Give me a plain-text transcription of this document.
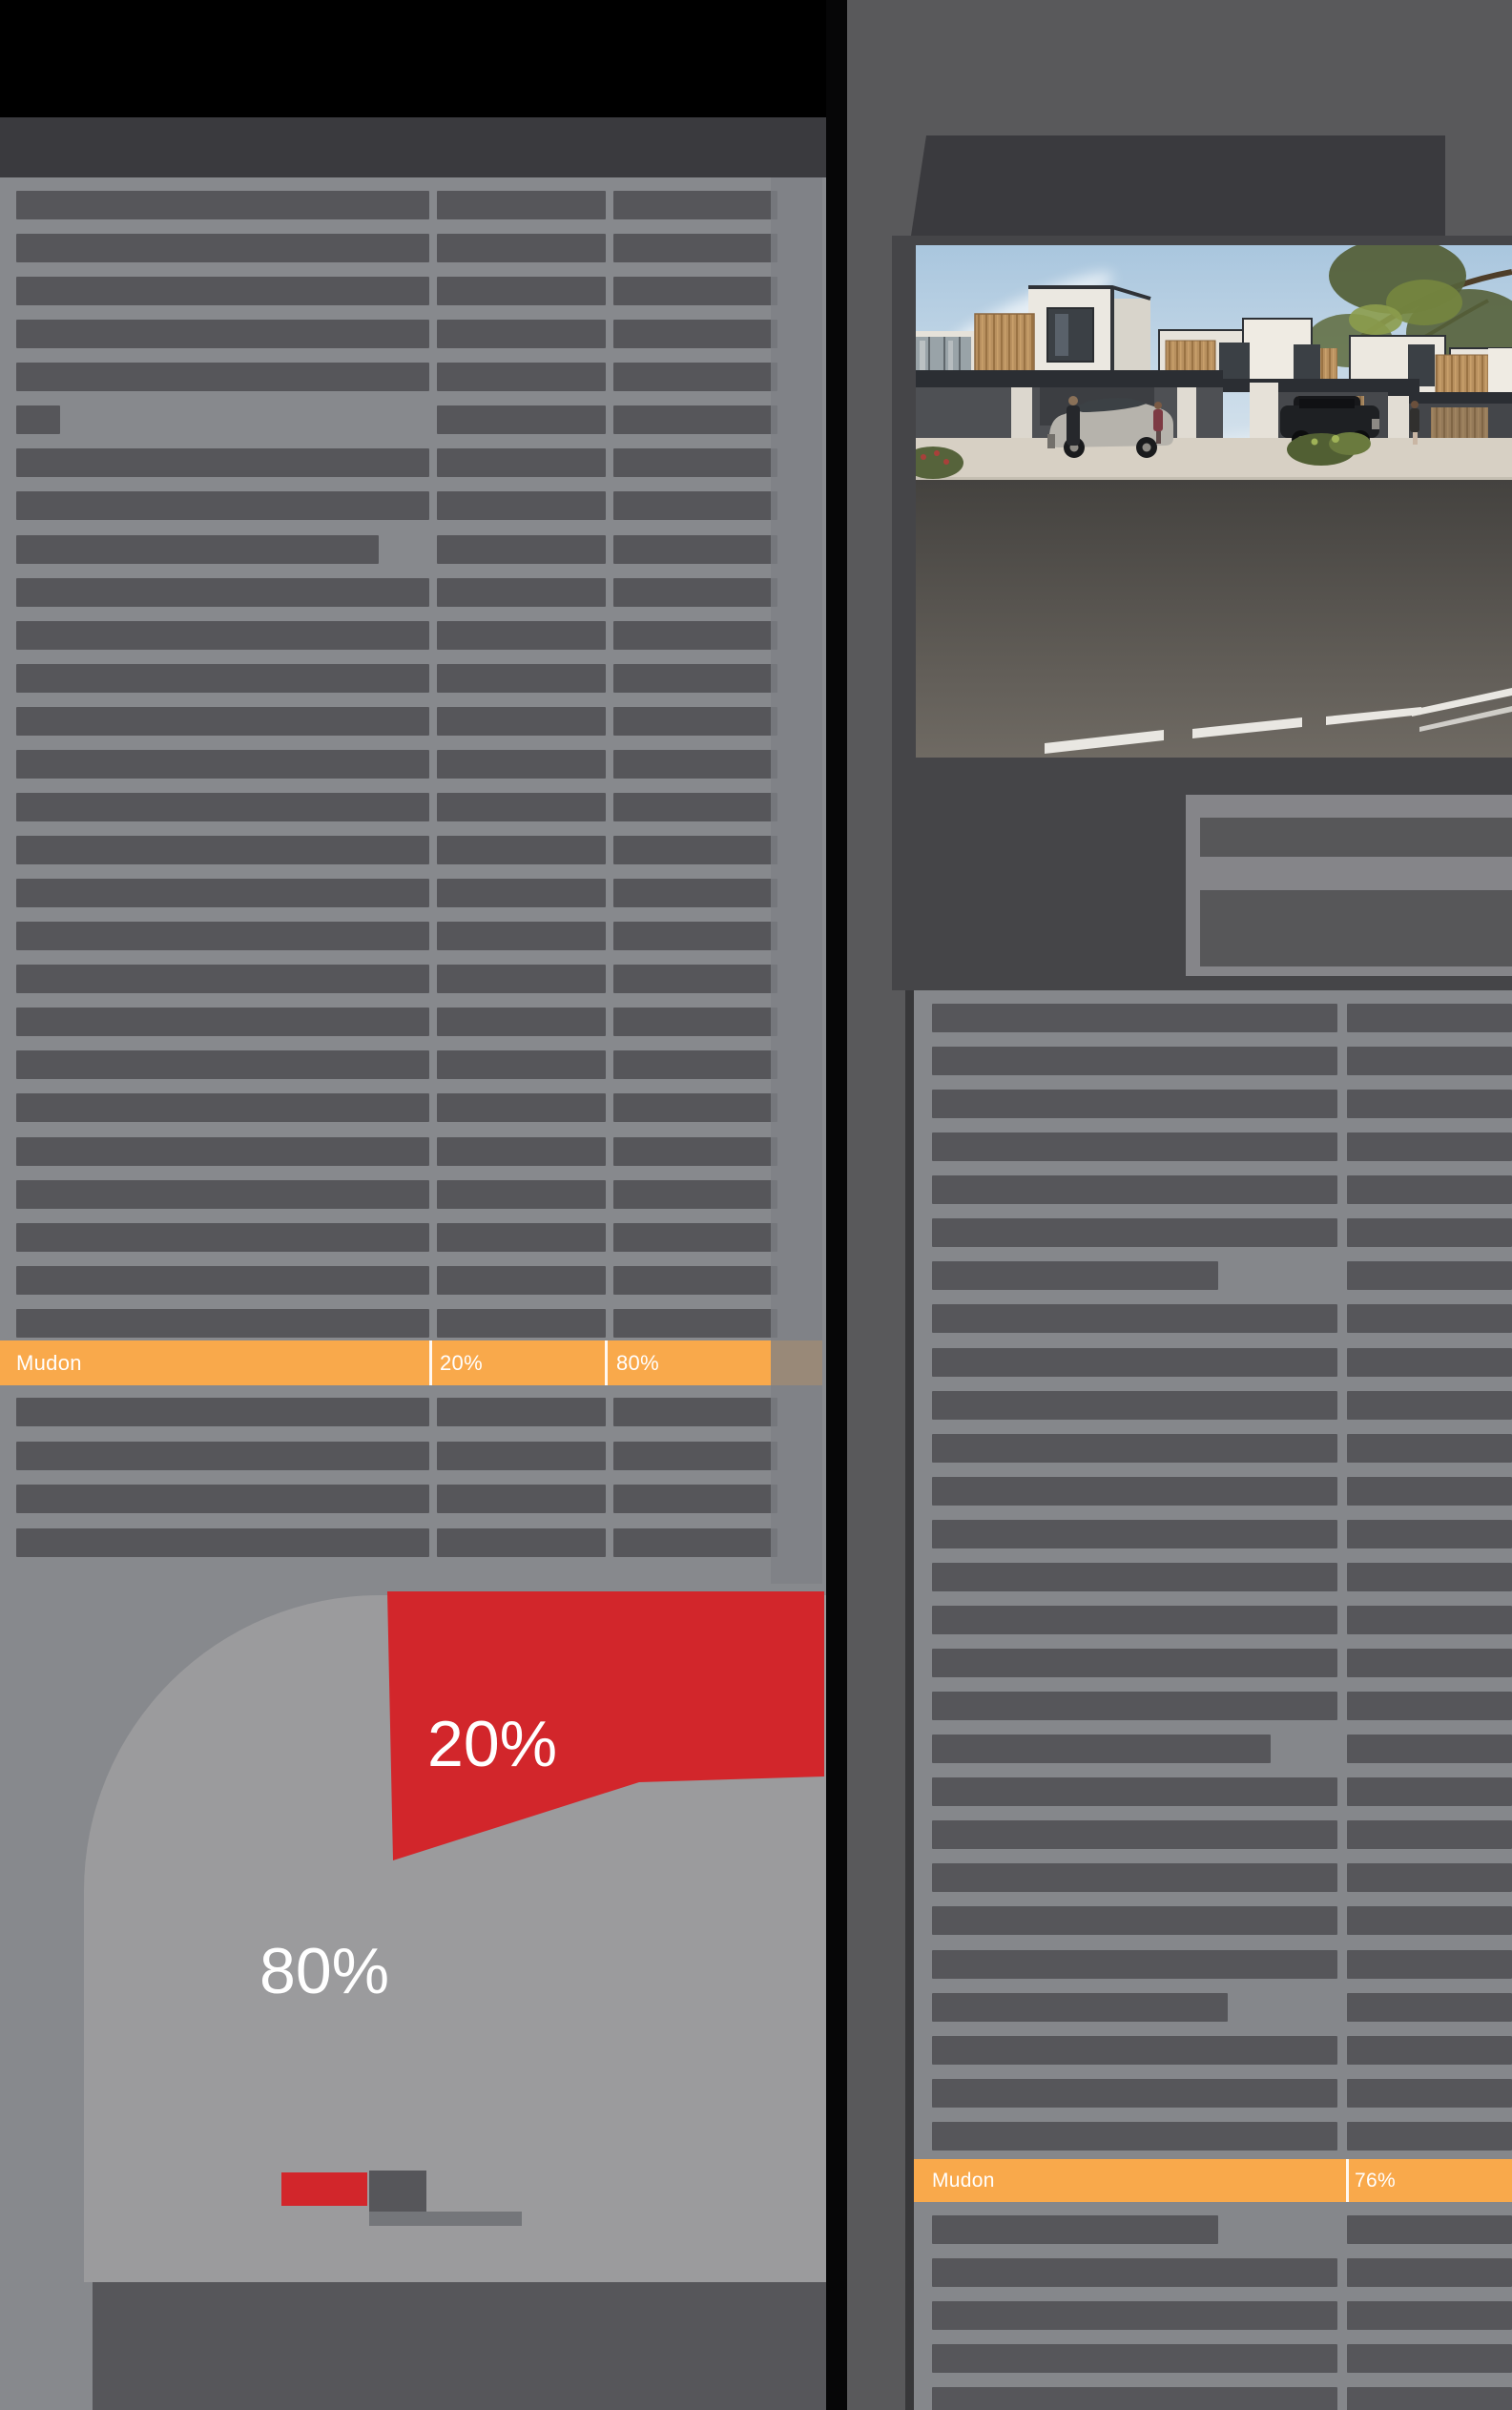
Mudon	20%	80%
20%
80%
Mudon	76%
